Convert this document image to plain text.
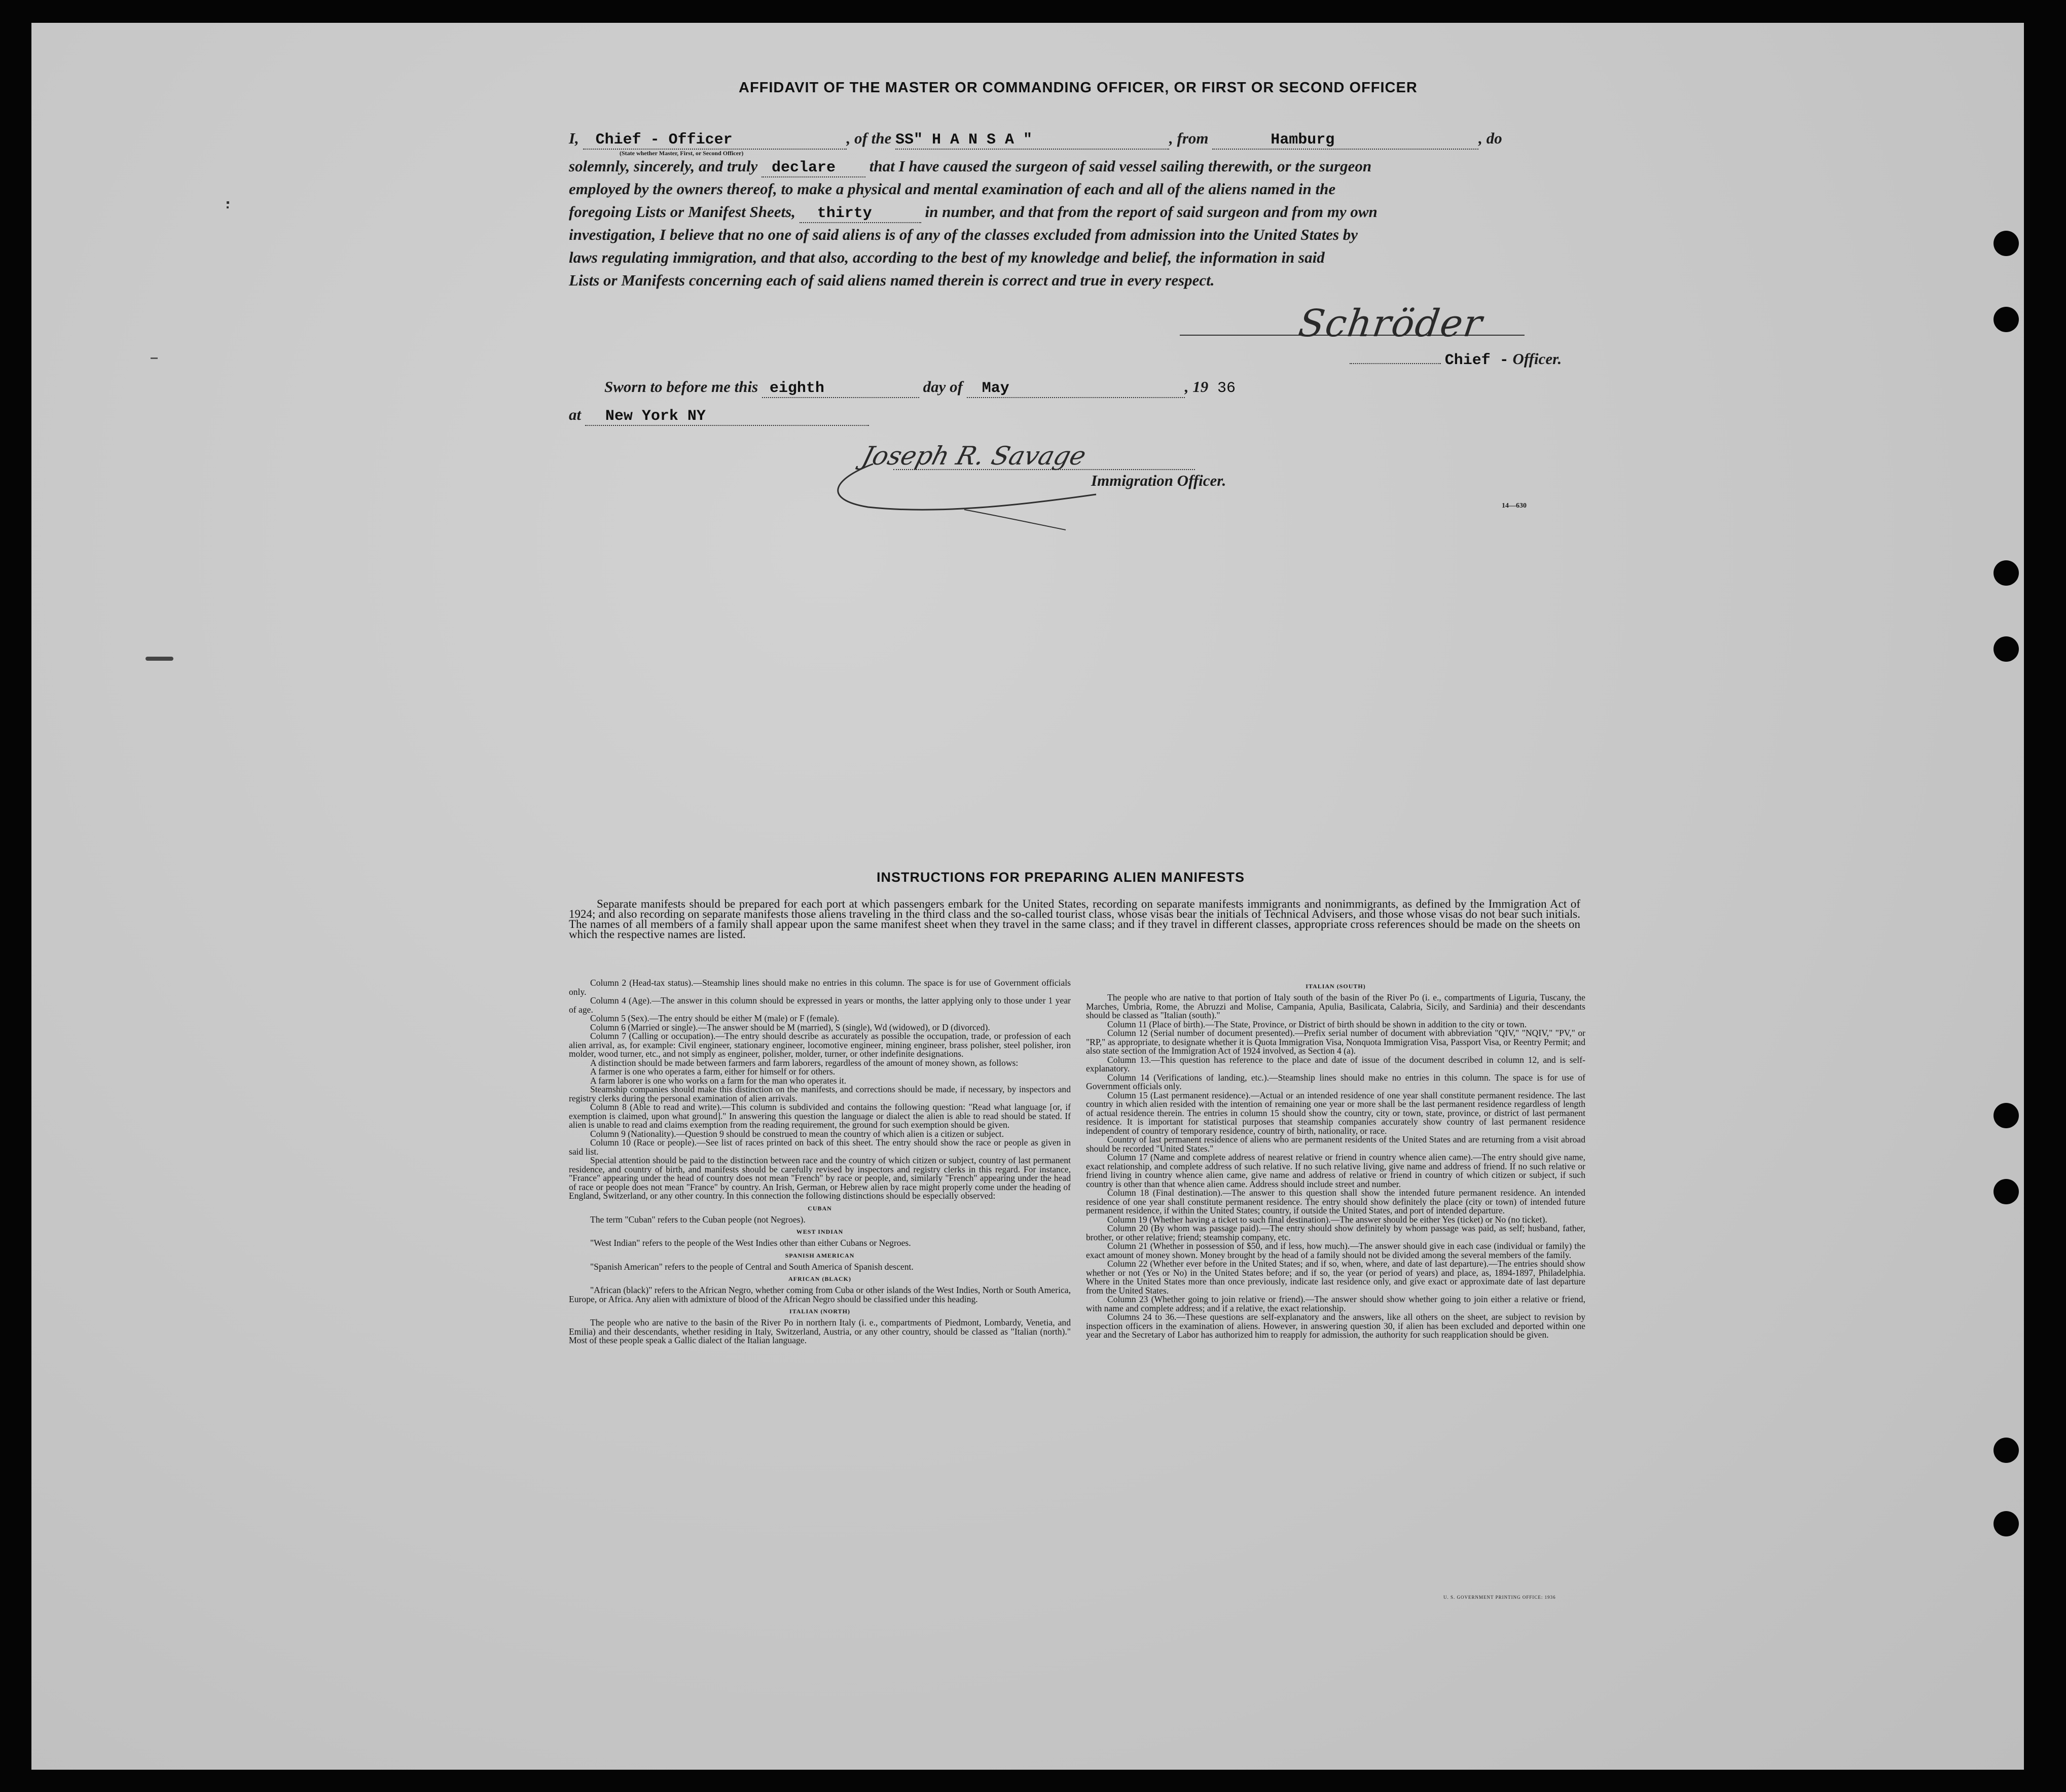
AFFIDAVIT OF THE MASTER OR COMMANDING OFFICER, OR FIRST OR SECOND OFFICER
I, Chief - Officer	, of the SS" H A N S A "	, from	Hamburg	, do
(State whether Master, First, or Second Officer)
solemnly, sincerely, and truly declare that I have caused the surgeon of said vessel sailing therewith, or the surgeon
employed by the owners thereof, to make a physical and mental examination of each and all of the aliens named in the
foregoing Lists or Manifest Sheets, thirty	in number, and that from the report of said surgeon and from my own
investigation, I believe that no one of said aliens is of any of the classes excluded from admission into the United States by
laws regulating immigration, and that also, according to the best of my knowledge and belief, the information in said
Lists or Manifests concerning each of said aliens named therein is correct and true in every respect.
Schröder
Chief - Officer.
Sworn to before me this eighth	day of May	, 19 36
at New York NY
Joseph R. Savage
Immigration Officer.
14—630
INSTRUCTIONS FOR PREPARING ALIEN MANIFESTS

Separate manifests should be prepared for each port at which passengers embark for the United States, recording on separate manifests immigrants and nonimmigrants, as defined by the Immigration Act of 1924; and also recording on separate manifests those aliens traveling in the third class and the so-called tourist class, whose visas bear the initials of Technical Advisers, and those whose visas do not bear such initials. The names of all members of a family shall appear upon the same manifest sheet when they travel in the same class; and if they travel in different classes, appropriate cross references should be made on the sheets on which the respective names are listed.

Column 2 (Head-tax status).—Steamship lines should make no entries in this column. The space is for use of Government officials only.

Column 4 (Age).—The answer in this column should be expressed in years or months, the latter applying only to those under 1 year of age.

Column 5 (Sex).—The entry should be either M (male) or F (female).

Column 6 (Married or single).—The answer should be M (married), S (single), Wd (widowed), or D (divorced).

Column 7 (Calling or occupation).—The entry should describe as accurately as possible the occupation, trade, or profession of each alien arrival, as, for example: Civil engineer, stationary engineer, locomotive engineer, mining engineer, brass polisher, steel polisher, iron molder, wood turner, etc., and not simply as engineer, polisher, molder, turner, or other indefinite designations.

A distinction should be made between farmers and farm laborers, regardless of the amount of money shown, as follows:

A farmer is one who operates a farm, either for himself or for others.

A farm laborer is one who works on a farm for the man who operates it.

Steamship companies should make this distinction on the manifests, and corrections should be made, if necessary, by inspectors and registry clerks during the personal examination of alien arrivals.

Column 8 (Able to read and write).—This column is subdivided and contains the following question: "Read what language [or, if exemption is claimed, upon what ground]." In answering this question the language or dialect the alien is able to read should be stated. If alien is unable to read and claims exemption from the reading requirement, the ground for such exemption should be given.

Column 9 (Nationality).—Question 9 should be construed to mean the country of which alien is a citizen or subject.

Column 10 (Race or people).—See list of races printed on back of this sheet. The entry should show the race or people as given in said list.

Special attention should be paid to the distinction between race and the country of which citizen or subject, country of last permanent residence, and country of birth, and manifests should be carefully revised by inspectors and registry clerks in this regard. For instance, "France" appearing under the head of country does not mean "French" by race or people, and, similarly "French" appearing under the head of race or people does not mean "France" by country. An Irish, German, or Hebrew alien by race might properly come under the heading of England, Switzerland, or any other country. In this connection the following distinctions should be especially observed:

CUBAN

The term "Cuban" refers to the Cuban people (not Negroes).

WEST INDIAN

"West Indian" refers to the people of the West Indies other than either Cubans or Negroes.

SPANISH AMERICAN

"Spanish American" refers to the people of Central and South America of Spanish descent.

AFRICAN (BLACK)

"African (black)" refers to the African Negro, whether coming from Cuba or other islands of the West Indies, North or South America, Europe, or Africa. Any alien with admixture of blood of the African Negro should be classified under this heading.

ITALIAN (NORTH)

The people who are native to the basin of the River Po in northern Italy (i. e., compartments of Piedmont, Lombardy, Venetia, and Emilia) and their descendants, whether residing in Italy, Switzerland, Austria, or any other country, should be classed as "Italian (north)." Most of these people speak a Gallic dialect of the Italian language.

ITALIAN (SOUTH)

The people who are native to that portion of Italy south of the basin of the River Po (i. e., compartments of Liguria, Tuscany, the Marches, Umbria, Rome, the Abruzzi and Molise, Campania, Apulia, Basilicata, Calabria, Sicily, and Sardinia) and their descendants should be classed as "Italian (south)."

Column 11 (Place of birth).—The State, Province, or District of birth should be shown in addition to the city or town.

Column 12 (Serial number of document presented).—Prefix serial number of document with abbreviation "QIV," "NQIV," "PV," or "RP," as appropriate, to designate whether it is Quota Immigration Visa, Nonquota Immigration Visa, Passport Visa, or Reentry Permit; and also state section of the Immigration Act of 1924 involved, as Section 4 (a).

Column 13.—This question has reference to the place and date of issue of the document described in column 12, and is self-explanatory.

Column 14 (Verifications of landing, etc.).—Steamship lines should make no entries in this column. The space is for use of Government officials only.

Column 15 (Last permanent residence).—Actual or an intended residence of one year shall constitute permanent residence. The last country in which alien resided with the intention of remaining one year or more shall be the last permanent residence regardless of length of actual residence therein. The entries in column 15 should show the country, city or town, state, province, or district of last permanent residence. It is important for statistical purposes that steamship companies accurately show country of last permanent residence independent of country of temporary residence, country of birth, nationality, or race.

Country of last permanent residence of aliens who are permanent residents of the United States and are returning from a visit abroad should be recorded "United States."

Column 17 (Name and complete address of nearest relative or friend in country whence alien came).—The entry should give name, exact relationship, and complete address of such relative. If no such relative living, give name and address of friend. If no such relative or friend living in country whence alien came, give name and address of relative or friend in country of which citizen or subject, if such country is other than that whence alien came. Address should include street and number.

Column 18 (Final destination).—The answer to this question shall show the intended future permanent residence. An intended residence of one year shall constitute permanent residence. The entry should show definitely the place (city or town) of intended future permanent residence, if within the United States; country, if outside the United States, and port of intended departure.

Column 19 (Whether having a ticket to such final destination).—The answer should be either Yes (ticket) or No (no ticket).

Column 20 (By whom was passage paid).—The entry should show definitely by whom passage was paid, as self; husband, father, brother, or other relative; friend; steamship company, etc.

Column 21 (Whether in possession of $50, and if less, how much).—The answer should give in each case (individual or family) the exact amount of money shown. Money brought by the head of a family should not be divided among the several members of the family.

Column 22 (Whether ever before in the United States; and if so, when, where, and date of last departure).—The entries should show whether or not (Yes or No) in the United States before; and if so, the year (or period of years) and place, as, 1894-1897, Philadelphia. Where in the United States more than once previously, indicate last residence only, and give exact or approximate date of last departure from the United States.

Column 23 (Whether going to join relative or friend).—The answer should show whether going to join either a relative or friend, with name and complete address; and if a relative, the exact relationship.

Columns 24 to 36.—These questions are self-explanatory and the answers, like all others on the sheet, are subject to revision by inspection officers in the examination of aliens. However, in answering question 30, if alien has been excluded and deported within one year and the Secretary of Labor has authorized him to reapply for admission, the authority for such reapplication should be given.

U. S. GOVERNMENT PRINTING OFFICE: 1936
